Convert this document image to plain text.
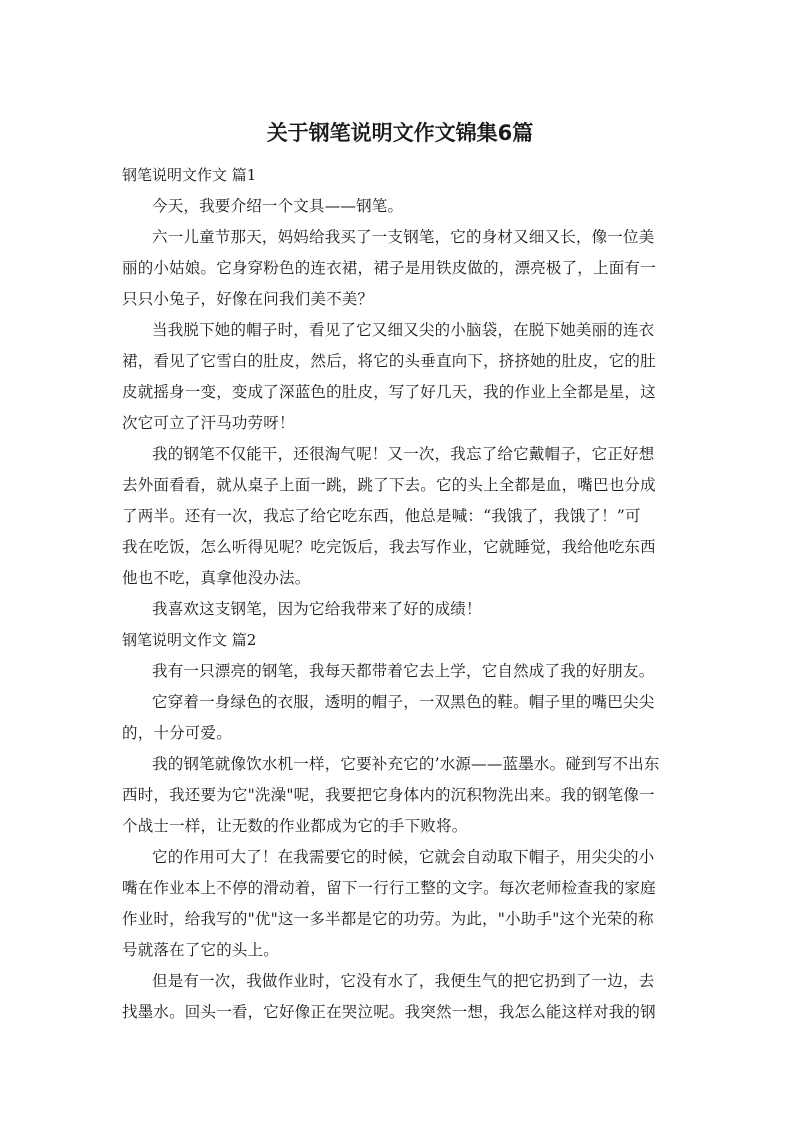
关于钢笔说明文作文锦集6篇
钢笔说明文作文 篇1
今天，我要介绍一个文具——钢笔。
六一儿童节那天，妈妈给我买了一支钢笔，它的身材又细又长，像一位美
丽的小姑娘。它身穿粉色的连衣裙，裙子是用铁皮做的，漂亮极了，上面有一
只只小兔子，好像在问我们美不美？
当我脱下她的帽子时，看见了它又细又尖的小脑袋，在脱下她美丽的连衣
裙，看见了它雪白的肚皮，然后，将它的头垂直向下，挤挤她的肚皮，它的肚
皮就摇身一变，变成了深蓝色的肚皮，写了好几天，我的作业上全都是星，这
次它可立了汗马功劳呀！
我的钢笔不仅能干，还很淘气呢！又一次，我忘了给它戴帽子，它正好想
去外面看看，就从桌子上面一跳，跳了下去。它的头上全都是血，嘴巴也分成
了两半。还有一次，我忘了给它吃东西，他总是喊：“我饿了，我饿了！”可
我在吃饭，怎么听得见呢？吃完饭后，我去写作业，它就睡觉，我给他吃东西
他也不吃，真拿他没办法。
我喜欢这支钢笔，因为它给我带来了好的成绩！
钢笔说明文作文 篇2
我有一只漂亮的钢笔，我每天都带着它去上学，它自然成了我的好朋友。
它穿着一身绿色的衣服，透明的帽子，一双黑色的鞋。帽子里的嘴巴尖尖
的，十分可爱。
我的钢笔就像饮水机一样，它要补充它的’水源——蓝墨水。碰到写不出东
西时，我还要为它"洗澡"呢，我要把它身体内的沉积物洗出来。我的钢笔像一
个战士一样，让无数的作业都成为它的手下败将。
它的作用可大了！在我需要它的时候，它就会自动取下帽子，用尖尖的小
嘴在作业本上不停的滑动着，留下一行行工整的文字。每次老师检查我的家庭
作业时，给我写的"优"这一多半都是它的功劳。为此，"小助手"这个光荣的称
号就落在了它的头上。
但是有一次，我做作业时，它没有水了，我便生气的把它扔到了一边，去
找墨水。回头一看，它好像正在哭泣呢。我突然一想，我怎么能这样对我的钢
